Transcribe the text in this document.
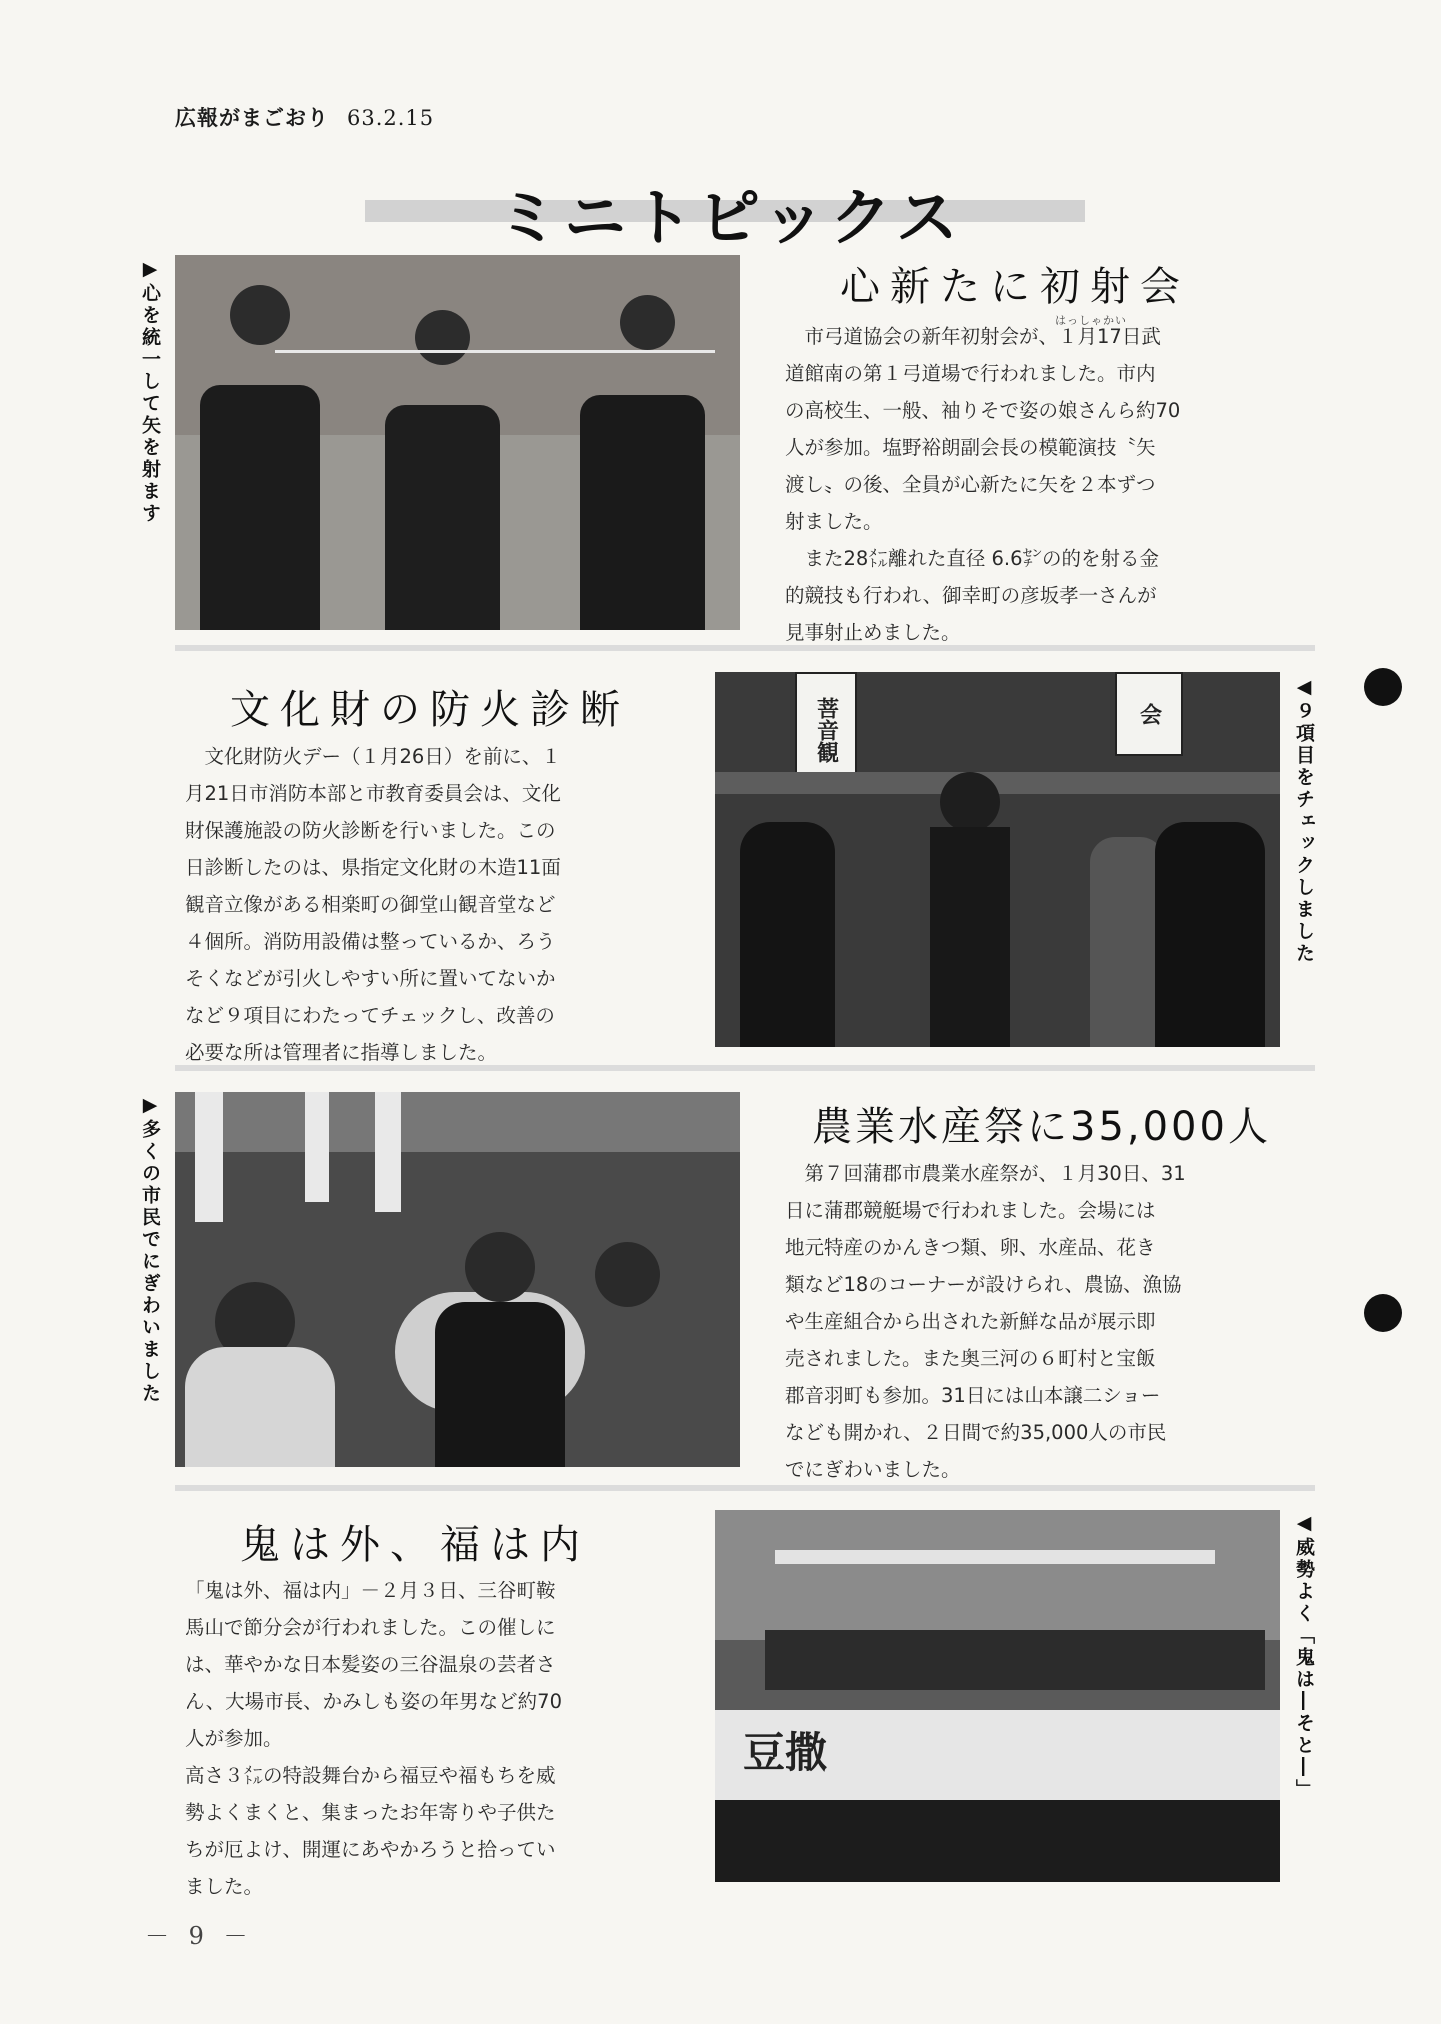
広報がまごおり 63.2.15
ミニトピックス
▶心を統一して矢を射ます	心新たに初射会
はっしゃかい
　市弓道協会の新年初射会が、１月17日武
道館南の第１弓道場で行われました。市内
の高校生、一般、袖りそで姿の娘さんら約70
人が参加。塩野裕朗副会長の模範演技〝矢
渡し〟の後、全員が心新たに矢を２本ずつ
射ました。
　また28㍍離れた直径 6.6㌢の的を射る金
的競技も行われ、御幸町の彦坂孝一さんが
見事射止めました。
文化財の防火診断
　文化財防火デー（１月26日）を前に、１
月21日市消防本部と市教育委員会は、文化
財保護施設の防火診断を行いました。この
日診断したのは、県指定文化財の木造11面
観音立像がある相楽町の御堂山観音堂など
４個所。消防用設備は整っているか、ろう
そくなどが引火しやすい所に置いてないか
など９項目にわたってチェックし、改善の
必要な所は管理者に指導しました。
菩音観	会	◀９項目をチェックしました
▶多くの市民でにぎわいました	農業水産祭に35,000人
　第７回蒲郡市農業水産祭が、１月30日、31
日に蒲郡競艇場で行われました。会場には
地元特産のかんきつ類、卵、水産品、花き
類など18のコーナーが設けられ、農協、漁協
や生産組合から出された新鮮な品が展示即
売されました。また奥三河の６町村と宝飯
郡音羽町も参加。31日には山本譲二ショー
なども開かれ、２日間で約35,000人の市民
でにぎわいました。
鬼は外、福は内
「鬼は外、福は内」－２月３日、三谷町鞍
馬山で節分会が行われました。この催しに
は、華やかな日本髪姿の三谷温泉の芸者さ
ん、大場市長、かみしも姿の年男など約70
人が参加。
高さ３㍍の特設舞台から福豆や福もちを威
勢よくまくと、集まったお年寄りや子供た
ちが厄よけ、開運にあやかろうと拾ってい
ました。
豆撒	◀威勢よく「鬼は―そと―」
－ 9 －
